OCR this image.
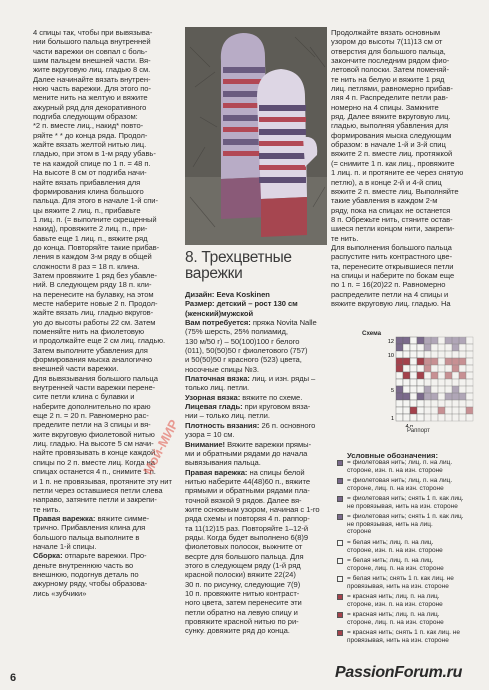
8. Трехцветные варежки

4 спицы так, чтобы при вывязыва-
нии большого пальца внутренней
части варежки он совпал с боль-
шим пальцем внешней части. Вя-
жите вкруговую лиц. гладью 8 см.
Далее начинайте вязать внутрен-
нюю часть варежки. Для этого по-
мените нить на желтую и вяжите
ажурный ряд для декоративного
подгиба следующим образом:
*2 п. вместе лиц., накид* повто-
ряйте * * до конца ряда. Продол-
жайте вязать желтой нитью лиц.
гладью, при этом в 1-м ряду убавь-
те на каждой спице по 1 п. = 48 п.
На высоте 8 см от подгиба начи-
найте вязать прибавления для
формирования клина большого
пальца. Для этого в начале 1-й спи-
цы вяжите 2 лиц. п., прибавьте
1 лиц. п. (= выполните скрещенный
накид), провяжите 2 лиц. п., при-
бавьте еще 1 лиц. п., вяжите ряд
до конца. Повторяйте такие прибав-
ления в каждом 3-м ряду в общей
сложности 8 раз = 18 п. клина.
Затем провяжите 1 ряд без убавле-
ний. В следующем ряду 18 п. кли-
на перенесите на булавку, на этом
месте наберите новые 2 п. Продол-
жайте вязать лиц. гладью вкругов-
ую до высоты работы 22 см. Затем
поменяйте нить на фиолетовую
и продолжайте еще 2 см лиц. гладью.
Затем выполните убавления для
формирования мыска аналогично
внешней части варежки.
Для вывязывания большого пальца
внутренней части варежки перене-
сите петли клина с булавки и
наберите дополнительно по краю
еще 2 п. = 20 п. Равномерно рас-
пределите петли на 3 спицы и вя-
жите вкруговую фиолетовой нитью
лиц. гладью. На высоте 5 см начи-
найте провязывать в конце каждой
спицы по 2 п. вместе лиц. Когда на
спицах останется 4 п., снимите 1 п.
и 1 п. не провязывая, протяните эту нит
петли через оставшиеся петли слева
направо, затяните петли и закрепи-
те нить.

Правая варежка: вяжите симме-
трично. Прибавления клина для
большого пальца выполните в
начале 1-й спицы.

Сборка: отпарьте варежки. Про-
деньте внутреннюю часть во
внешнюю, подогнув деталь по
ажурному ряду, чтобы образова-
лись «зубчики»

Дизайн: Eeva Koskinen

Размер: детский – рост 130 см
(женский)мужской

Вам потребуется: пряжа Novita Nalle
(75% шерсть, 25% полиамид,
130 м/50 г) – 50(100)100 г белого
(011), 50(50)50 г фиолетового (757)
и 50(50)50 г красного (523) цвета,
носочные спицы №3.

Платочная вязка: лиц. и изн. ряды –
только лиц. петли.

Узорная вязка: вяжите по схеме.

Лицевая гладь: при круговом вяза-
нии – только лиц. петли.

Плотность вязания: 26 п. основного
узора = 10 см.

Внимание! Вяжите варежки прямы-
ми и обратными рядами до начала
вывязывания пальца.

Правая варежка: на спицы белой
нитью наберите 44(48)60 п., вяжите
прямыми и обратными рядами пла-
точной вязкой 9 рядов. Далее вя-
жите основным узором, начиная с 1-го
ряда схемы и повторяя 4 п. раппор-
та 11(12)15 раз. Повторяйте 1–12-й
ряды. Когда будет выполнено 6(8)9
фиолетовых полосок, выжните от
весрте для большого пальца. Для
этого в следующем ряду (1-й ряд
красной полоски) вяжите 22(24)
30 п. по рисунку, следующие 7(9)
10 п. провяжите нитью контраст-
ного цвета, затем перенесите эти
петли обратно на левую спицу и
провяжите красной нитью по ри-
сунку. довяжите ряд до конца.

Продолжайте вязать основным
узором до высоты 7(11)13 см от
отверстия для большого пальца,
закончите последним рядом фио-
летовой полоски. Затем поменяй-
те нить на белую и вяжите 1 ряд
лиц. петлями, равномерно прибав-
ляя 4 п. Распределите петли рав-
номерно на 4 спицы. Замкните
ряд. Далее вяжите вкруговую лиц.
гладью, выполняя убавления для
формирования мыска следующим
образом: в начале 1-й и 3-й спиц
вяжите 2 п. вместе лиц. протяжкой
(= снимите 1 п. как лиц., провяжите
1 лиц. п. и протяните ее через снятую
петлю), а в конце 2-й и 4-й спиц
вяжите 2 п. вместе лиц. Выполняйте
такие убавления в каждом 2-м
ряду, пока на спицах не останется
8 п. Обрежьте нить, стяните остав-
шиеся петли концом нити, закрепи-
те нить.
Для выполнения большого пальца
распустите нить контрастного цве-
та, перенесите открывшиеся петли
на спицы и наберите по бокам еще
по 1 п. = 16(20)22 п. Равномерно
распределите петли на 4 спицы и
вяжите вкруговую лиц. гладью. На

Схема
12
10
5
1
4 п.
Раппорт
Условные обозначения:
= фиолетовая нить; лиц. п. на лиц.
стороне, изн. п. на изн. стороне
= фиолетовая нить; лиц. п. на лиц.
стороне, лиц. п. на изн. стороне
= фиолетовая нить; снять 1 п. как лиц.
не провязывая, нить на изн. стороне
= фиолетовая нить; снять 1 п. как лиц.
не провязывая, нить на лиц.
стороне
= белая нить; лиц. п. на лиц.
стороне, изн. п. на изн. стороне
= белая нить; лиц. п. на лиц.
стороне, лиц. п. на изн. стороне
= белая нить; снять 1 п. как лиц. не
провязывая, нить на изн. стороне
= красная нить; лиц. п. на лиц.
стороне, изн. п. на изн. стороне
= красная нить; лиц. п. на лиц.
стороне, лиц. п. на изн. стороне
= красная нить; снять 1 п. как лиц. не
провязывая, нить на изн. стороне
Мой-МИР
6	PassionForum.ru
